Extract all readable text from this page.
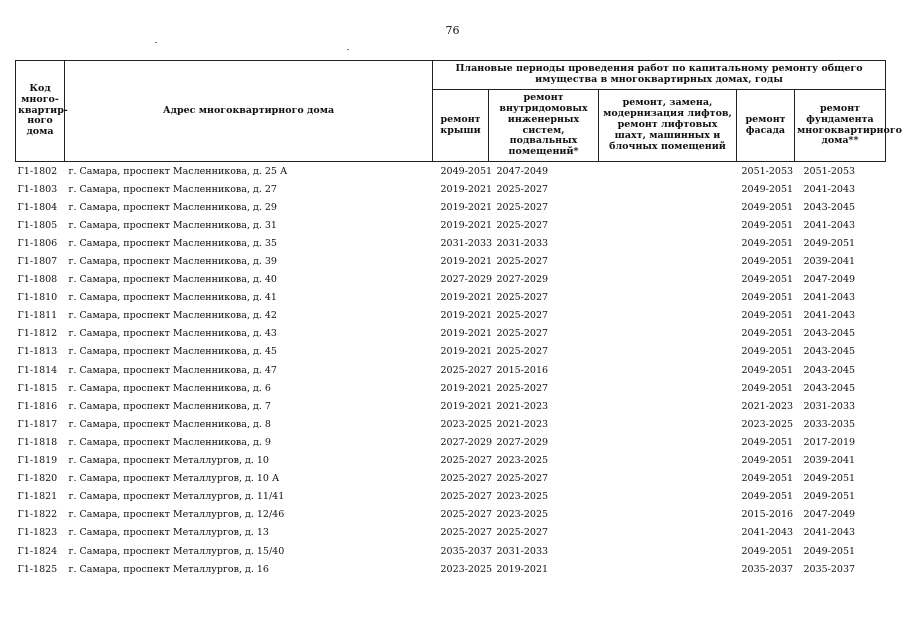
76
Код много-квартир-ного дома	Адрес многоквартирного дома	Плановые периоды проведения работ по капитальному ремонту общего имущества в многоквартирных домах, годы				
		ремонт крыши	ремонт внутридомовых инженерных систем, подвальных помещений*	ремонт, замена, модернизация лифтов, ремонт лифтовых шахт, машинных и блочных помещений	ремонт фасада	ремонт фундамента многоквартирного дома**
Г1-1802	г. Самара, проспект Масленникова, д. 25 А	2049-2051	2047-2049		2051-2053	2051-2053
Г1-1803	г. Самара, проспект Масленникова, д. 27	2019-2021	2025-2027		2049-2051	2041-2043
Г1-1804	г. Самара, проспект Масленникова, д. 29	2019-2021	2025-2027		2049-2051	2043-2045
Г1-1805	г. Самара, проспект Масленникова, д. 31	2019-2021	2025-2027		2049-2051	2041-2043
Г1-1806	г. Самара, проспект Масленникова, д. 35	2031-2033	2031-2033		2049-2051	2049-2051
Г1-1807	г. Самара, проспект Масленникова, д. 39	2019-2021	2025-2027		2049-2051	2039-2041
Г1-1808	г. Самара, проспект Масленникова, д. 40	2027-2029	2027-2029		2049-2051	2047-2049
Г1-1810	г. Самара, проспект Масленникова, д. 41	2019-2021	2025-2027		2049-2051	2041-2043
Г1-1811	г. Самара, проспект Масленникова, д. 42	2019-2021	2025-2027		2049-2051	2041-2043
Г1-1812	г. Самара, проспект Масленникова, д. 43	2019-2021	2025-2027		2049-2051	2043-2045
Г1-1813	г. Самара, проспект Масленникова, д. 45	2019-2021	2025-2027		2049-2051	2043-2045
Г1-1814	г. Самара, проспект Масленникова, д. 47	2025-2027	2015-2016		2049-2051	2043-2045
Г1-1815	г. Самара, проспект Масленникова, д. 6	2019-2021	2025-2027		2049-2051	2043-2045
Г1-1816	г. Самара, проспект Масленникова, д. 7	2019-2021	2021-2023		2021-2023	2031-2033
Г1-1817	г. Самара, проспект Масленникова, д. 8	2023-2025	2021-2023		2023-2025	2033-2035
Г1-1818	г. Самара, проспект Масленникова, д. 9	2027-2029	2027-2029		2049-2051	2017-2019
Г1-1819	г. Самара, проспект Металлургов, д. 10	2025-2027	2023-2025		2049-2051	2039-2041
Г1-1820	г. Самара, проспект Металлургов, д. 10 А	2025-2027	2025-2027		2049-2051	2049-2051
Г1-1821	г. Самара, проспект Металлургов, д. 11/41	2025-2027	2023-2025		2049-2051	2049-2051
Г1-1822	г. Самара, проспект Металлургов, д. 12/46	2025-2027	2023-2025		2015-2016	2047-2049
Г1-1823	г. Самара, проспект Металлургов, д. 13	2025-2027	2025-2027		2041-2043	2041-2043
Г1-1824	г. Самара, проспект Металлургов, д. 15/40	2035-2037	2031-2033		2049-2051	2049-2051
Г1-1825	г. Самара, проспект Металлургов, д. 16	2023-2025	2019-2021		2035-2037	2035-2037
